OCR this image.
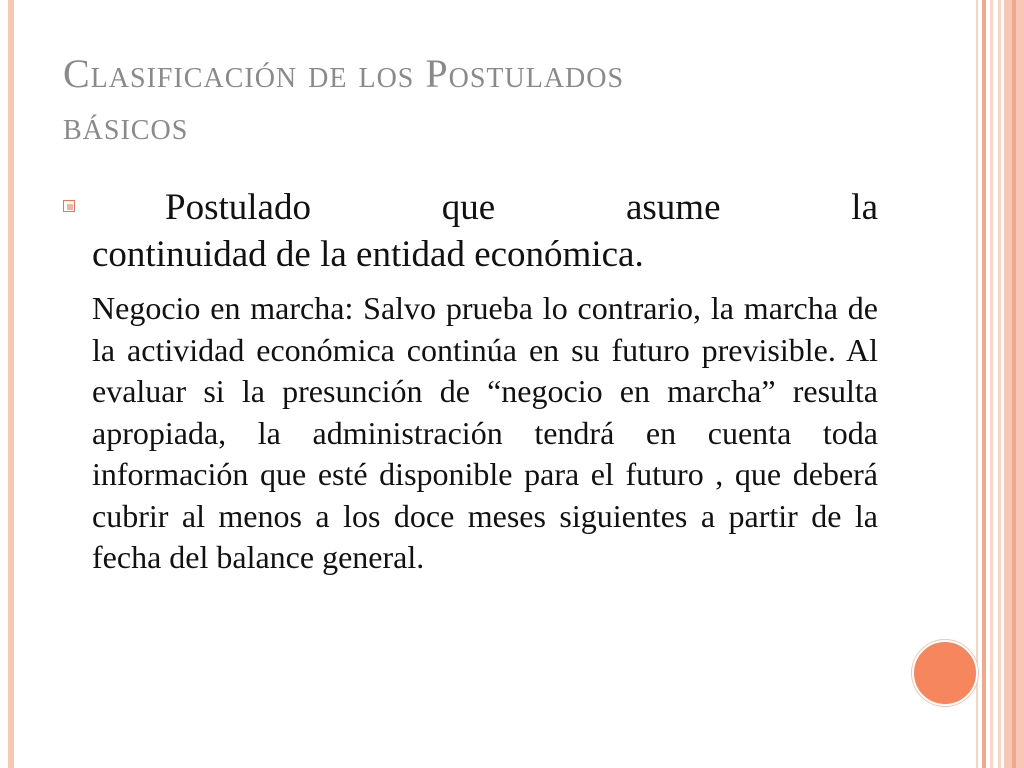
Clasificación de los Postulados
básicos
Postulado que asume la
continuidad de la entidad económica.
Negocio en marcha: Salvo prueba lo contrario, la marcha de la actividad económica continúa en su futuro previsible. Al evaluar si la presunción de “negocio en marcha” resulta apropiada, la administración tendrá en cuenta toda información que esté disponible para el futuro , que deberá cubrir al menos a los doce meses siguientes a partir de la fecha del balance general.
